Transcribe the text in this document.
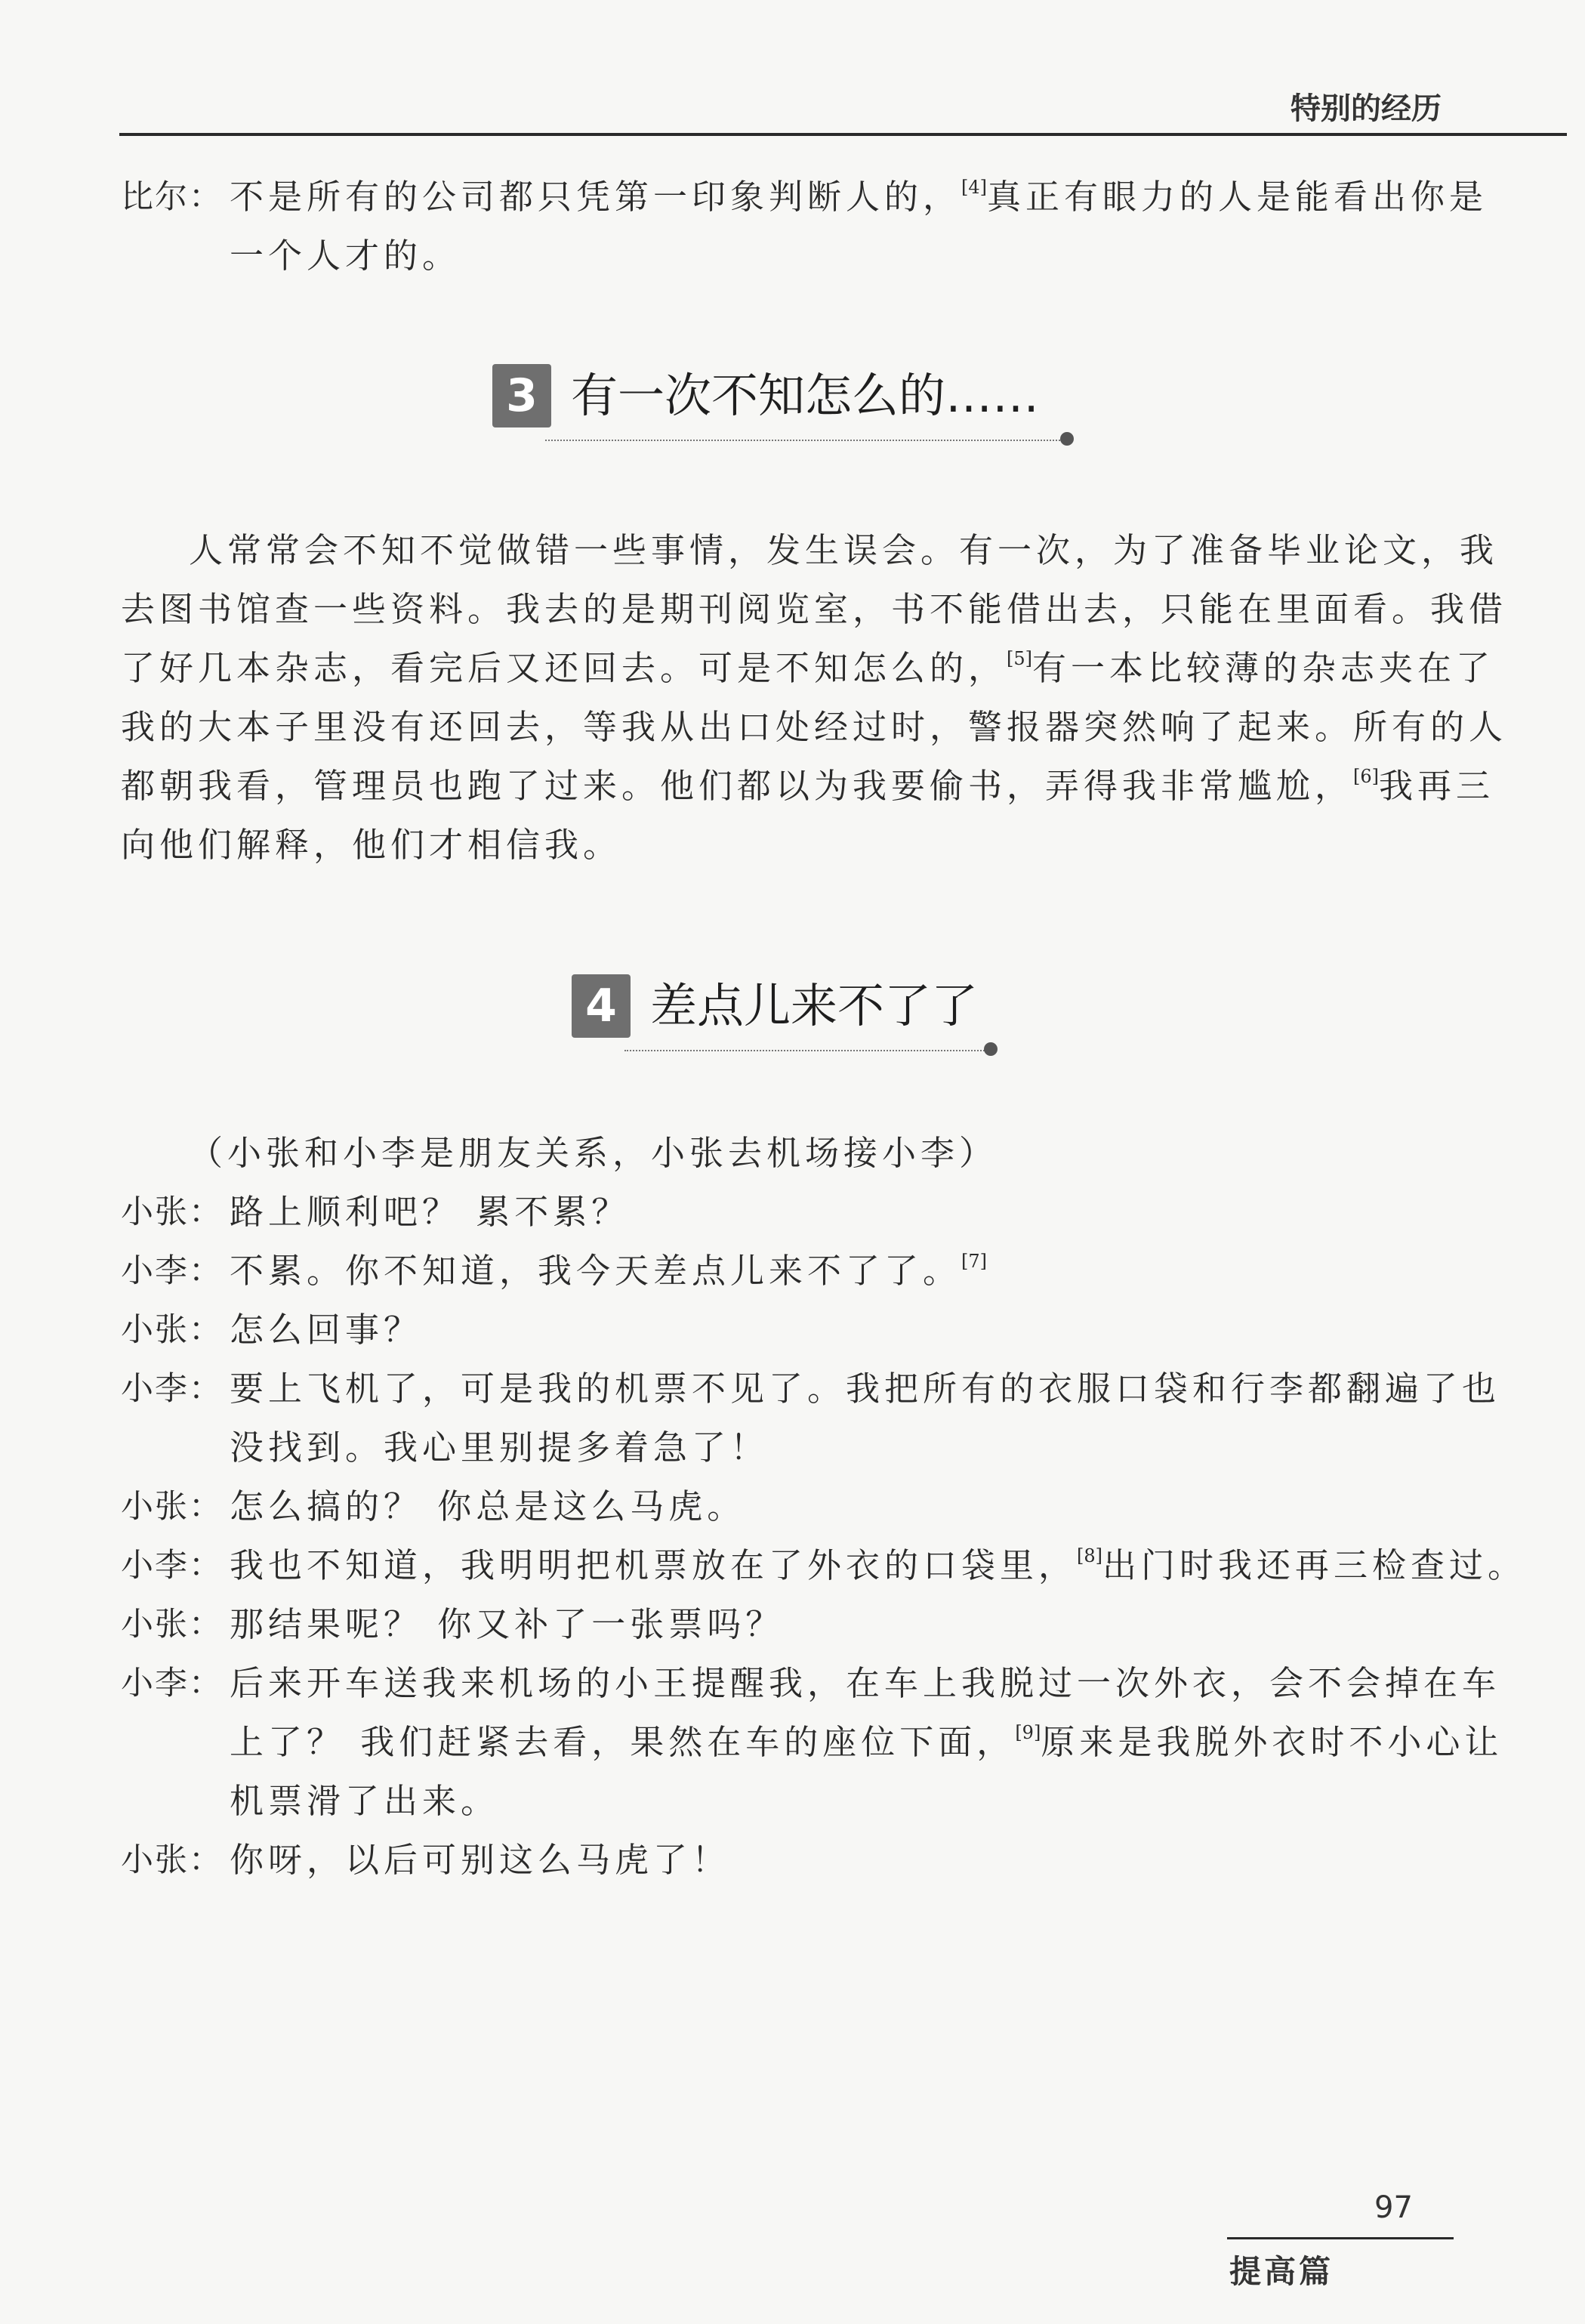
特别的经历
比尔： 不是所有的公司都只凭第一印象判断人的，[4]真正有眼力的人是能看出你是
一个人才的。
3 有一次不知怎么的……
人常常会不知不觉做错一些事情，发生误会。有一次，为了准备毕业论文，我
去图书馆查一些资料。我去的是期刊阅览室，书不能借出去，只能在里面看。我借
了好几本杂志，看完后又还回去。可是不知怎么的，[5]有一本比较薄的杂志夹在了
我的大本子里没有还回去，等我从出口处经过时，警报器突然响了起来。所有的人
都朝我看，管理员也跑了过来。他们都以为我要偷书，弄得我非常尴尬，[6]我再三
向他们解释，他们才相信我。
4 差点儿来不了了
（小张和小李是朋友关系，小张去机场接小李）
小张： 路上顺利吧？ 累不累？
小李： 不累。你不知道，我今天差点儿来不了了。[7]
小张： 怎么回事？
小李： 要上飞机了，可是我的机票不见了。我把所有的衣服口袋和行李都翻遍了也
没找到。我心里别提多着急了！
小张： 怎么搞的？ 你总是这么马虎。
小李： 我也不知道，我明明把机票放在了外衣的口袋里，[8]出门时我还再三检查过。
小张： 那结果呢？ 你又补了一张票吗？
小李： 后来开车送我来机场的小王提醒我，在车上我脱过一次外衣，会不会掉在车
上了？ 我们赶紧去看，果然在车的座位下面，[9]原来是我脱外衣时不小心让
机票滑了出来。
小张： 你呀，以后可别这么马虎了！
97
提高篇
